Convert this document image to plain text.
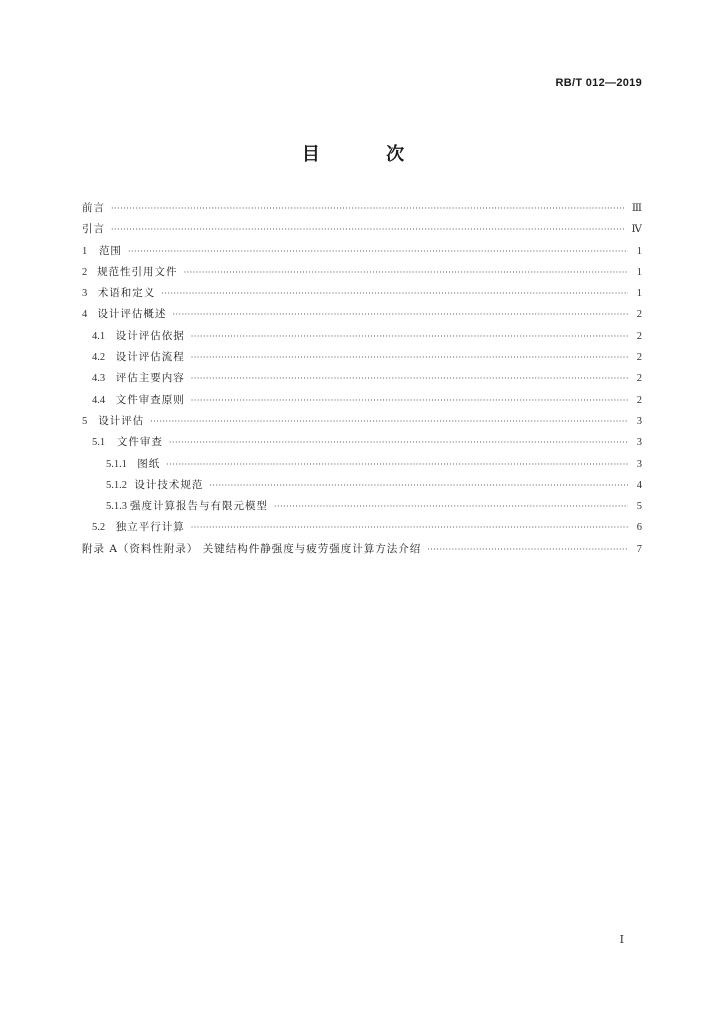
RB/T 012—2019
目 次
前言 ·····	Ⅲ
引言 ·····	Ⅳ
1	范围 ·····	1
2 规范性引用文件 ·····	1
3	术语和定义 ·····	1
4 设计评估概述 ·····	2
4.1	设计评估依据 ·····	2
4.2	设计评估流程 ·····	2
4.3	评估主要内容 ·····	2
4.4	文件审查原则 ·····	2
5	设计评估 ·····	3
5.1	文件审查 ·····	3
5.1.1 图纸 ·····	3
5.1.2 设计技术规范 ·····	4
5.1.3 强度计算报告与有限元模型 ·····	5
5.2	独立平行计算 ·····	6
附录 A（资料性附录） 关键结构件静强度与疲劳强度计算方法介绍 ·····	7
Ⅰ
